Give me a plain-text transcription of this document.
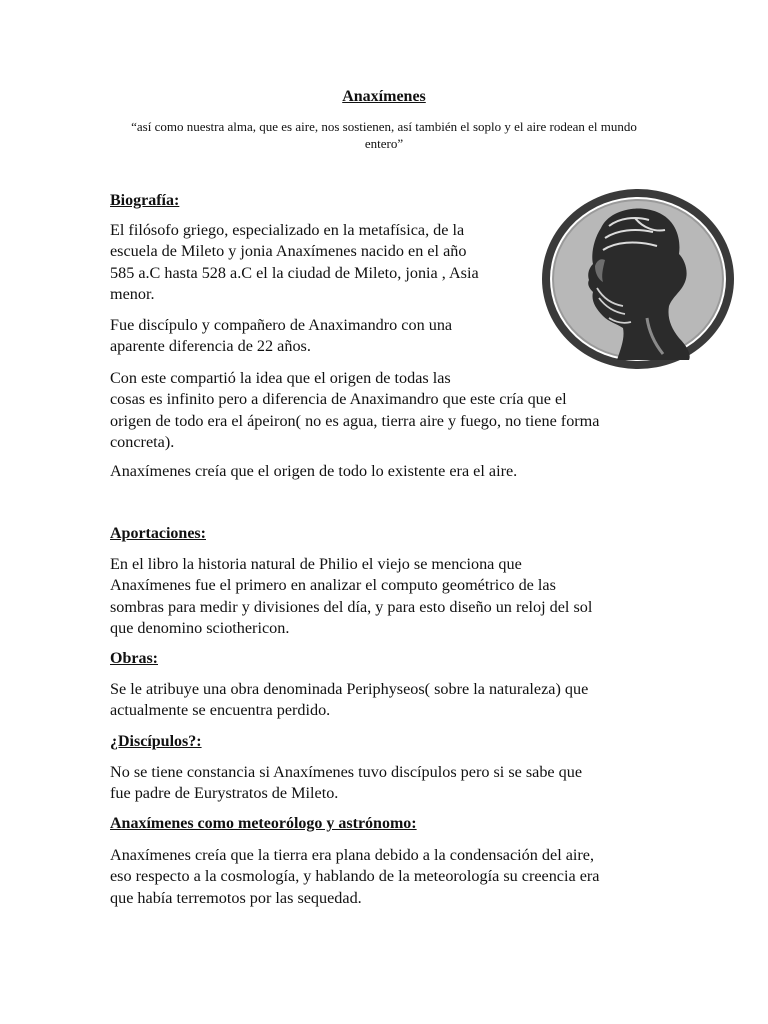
Anaxímenes
“así como nuestra alma, que es aire, nos sostienen, así también el soplo y el aire rodean el mundo entero”
Biografía:
El filósofo griego, especializado en la metafísica, de la
escuela de Mileto y jonia Anaxímenes nacido en el año
585 a.C hasta 528 a.C el la ciudad de Mileto, jonia , Asia
menor.
Fue discípulo y compañero de Anaximandro con una
aparente diferencia de 22 años.
Con este compartió la idea que el origen de todas las
cosas es infinito pero a diferencia de Anaximandro que este cría que el
origen de todo era el ápeiron( no es agua, tierra aire y fuego, no tiene forma
concreta).
Anaxímenes creía que el origen de todo lo existente era el aire.
Aportaciones:
En el libro la historia natural de Philio el viejo se menciona que
Anaxímenes fue el primero en analizar el computo geométrico de las
sombras para medir y divisiones del día, y para esto diseño un reloj del sol
que denomino sciothericon.
Obras:
Se le atribuye una obra denominada Periphyseos( sobre la naturaleza) que
actualmente se encuentra perdido.
¿Discípulos?:
No se tiene constancia si Anaxímenes tuvo discípulos pero si se sabe que
fue padre de Eurystratos de Mileto.
Anaxímenes como meteorólogo y astrónomo:
Anaxímenes creía que la tierra era plana debido a la condensación del aire,
eso respecto a la cosmología, y hablando de la meteorología su creencia era
que había terremotos por las sequedad.
